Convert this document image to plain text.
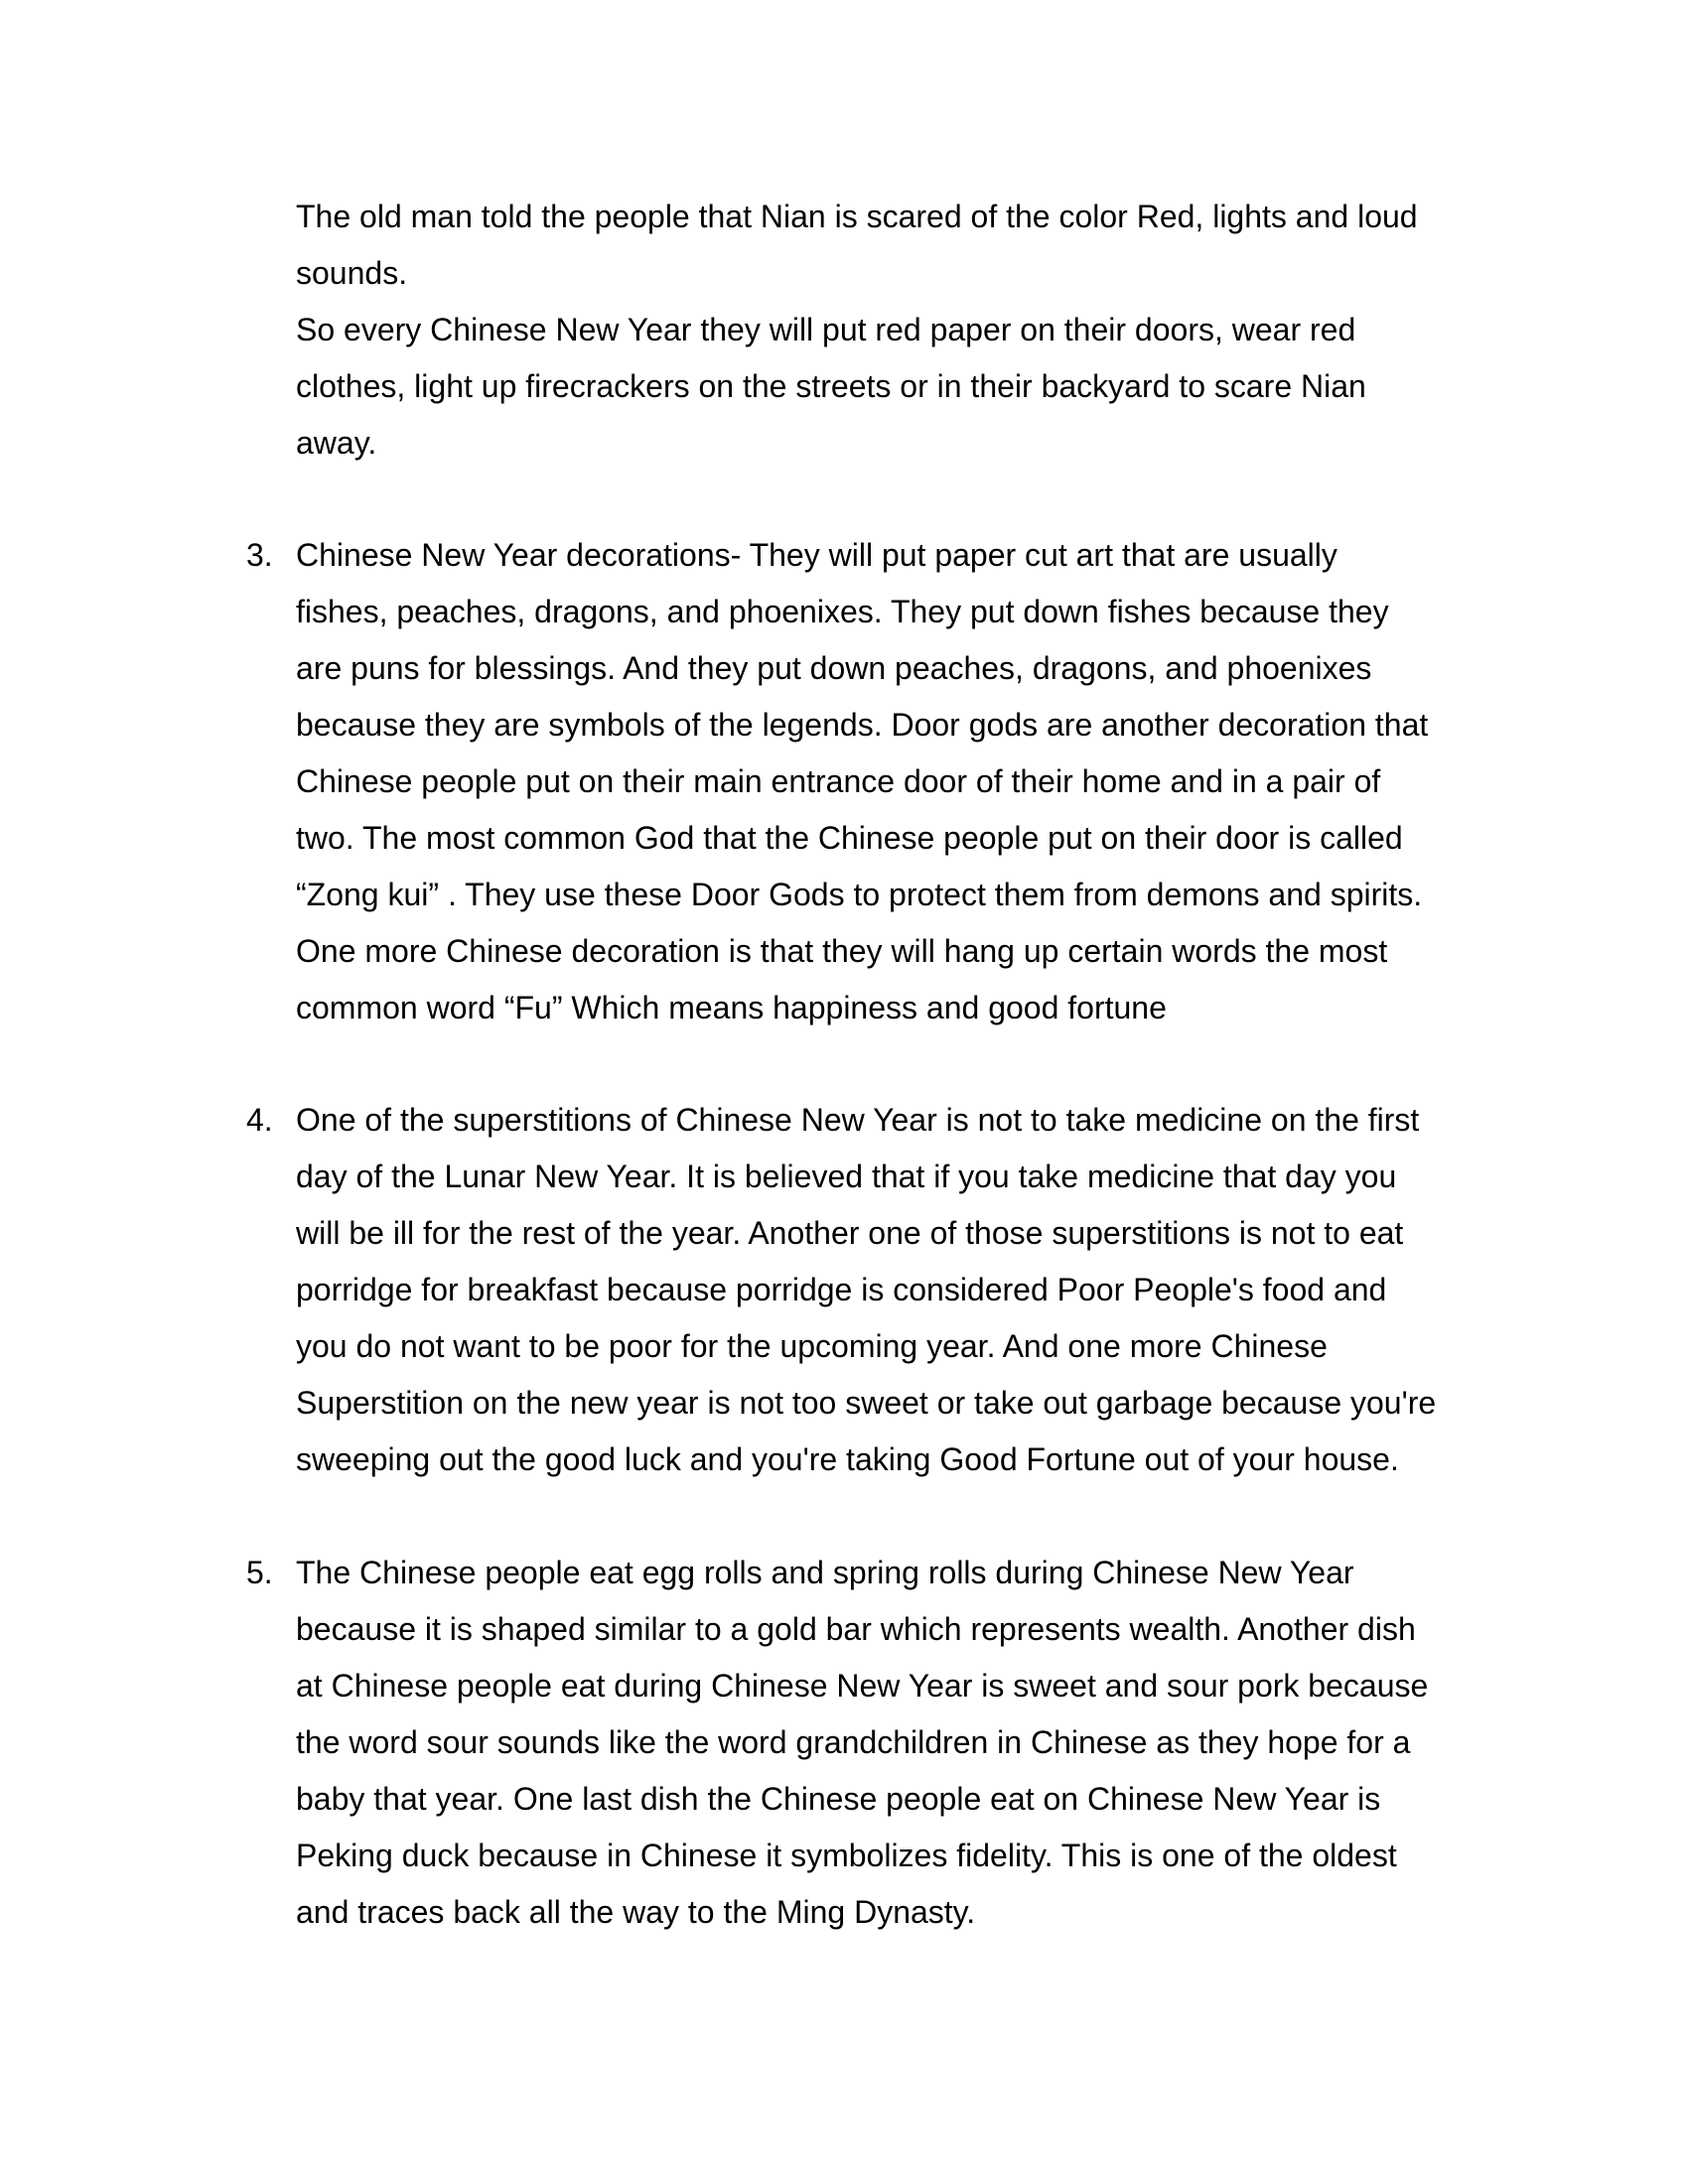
The old man told the people that Nian is scared of the color Red, lights and loud
sounds.
So every Chinese New Year they will put red paper on their doors, wear red
clothes, light up firecrackers on the streets or in their backyard to scare Nian
away.
3. Chinese New Year decorations- They will put paper cut art that are usually
fishes, peaches, dragons, and phoenixes. They put down fishes because they
are puns for blessings. And they put down peaches, dragons, and phoenixes
because they are symbols of the legends. Door gods are another decoration that
Chinese people put on their main entrance door of their home and in a pair of
two. The most common God that the Chinese people put on their door is called
“Zong kui” . They use these Door Gods to protect them from demons and spirits.
One more Chinese decoration is that they will hang up certain words the most
common word “Fu” Which means happiness and good fortune
4. One of the superstitions of Chinese New Year is not to take medicine on the first
day of the Lunar New Year. It is believed that if you take medicine that day you
will be ill for the rest of the year. Another one of those superstitions is not to eat
porridge for breakfast because porridge is considered Poor People's food and
you do not want to be poor for the upcoming year. And one more Chinese
Superstition on the new year is not too sweet or take out garbage because you're
sweeping out the good luck and you're taking Good Fortune out of your house.
5. The Chinese people eat egg rolls and spring rolls during Chinese New Year
because it is shaped similar to a gold bar which represents wealth. Another dish
at Chinese people eat during Chinese New Year is sweet and sour pork because
the word sour sounds like the word grandchildren in Chinese as they hope for a
baby that year. One last dish the Chinese people eat on Chinese New Year is
Peking duck because in Chinese it symbolizes fidelity. This is one of the oldest
and traces back all the way to the Ming Dynasty.
